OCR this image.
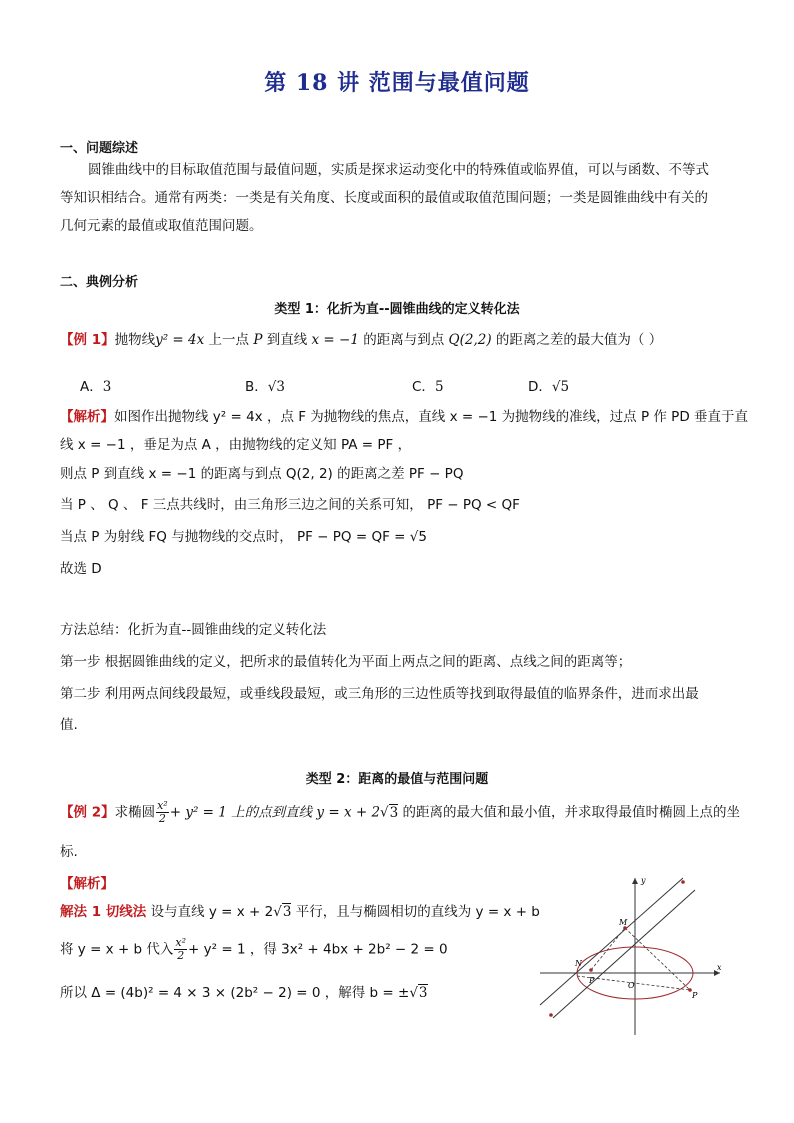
第 18 讲 范围与最值问题
一、问题综述
圆锥曲线中的目标取值范围与最值问题，实质是探求运动变化中的特殊值或临界值，可以与函数、不等式
等知识相结合。通常有两类：一类是有关角度、长度或面积的最值或取值范围问题；一类是圆锥曲线中有关的
几何元素的最值或取值范围问题。
二、典例分析
类型 1：化折为直--圆锥曲线的定义转化法
【例 1】抛物线y² = 4x 上一点 P 到直线 x = −1 的距离与到点 Q(2,2) 的距离之差的最大值为（ ）
A．3	B．√3	C．5	D．√5
【解析】如图作出抛物线 y² = 4x ，点 F 为抛物线的焦点，直线 x = −1 为抛物线的准线，过点 P 作 PD 垂直于直
线 x = −1 ，垂足为点 A ，由抛物线的定义知 PA = PF ，
则点 P 到直线 x = −1 的距离与到点 Q(2, 2) 的距离之差 PF − PQ
当 P 、 Q 、 F 三点共线时，由三角形三边之间的关系可知， PF − PQ < QF
当点 P 为射线 FQ 与抛物线的交点时， PF − PQ = QF = √5
故选 D
方法总结：化折为直--圆锥曲线的定义转化法
第一步 根据圆锥曲线的定义，把所求的最值转化为平面上两点之间的距离、点线之间的距离等；
第二步 利用两点间线段最短，或垂线段最短，或三角形的三边性质等找到取得最值的临界条件，进而求出最
值.
类型 2：距离的最值与范围问题
【例 2】求椭圆 $\frac{\text{x²}}{2} + y^2 = 1$ 上的点到直线 y = x + 2√3 的距离的最大值和最小值，并求取得最值时椭圆上点的坐
标.
【解析】
解法 1 切线法 设与直线 y = x + 2√3 平行，且与椭圆相切的直线为 y = x + b
将 y = x + b 代入 $\frac{\text{x²}}{2} + y^2 = 1$ ，得 3x² + 4bx + 2b² − 2 = 0
所以 Δ = (4b)² = 4 × 3 × (2b² − 2) = 0 ，解得 b = ±√3
y
x
M
N
P
O
P
